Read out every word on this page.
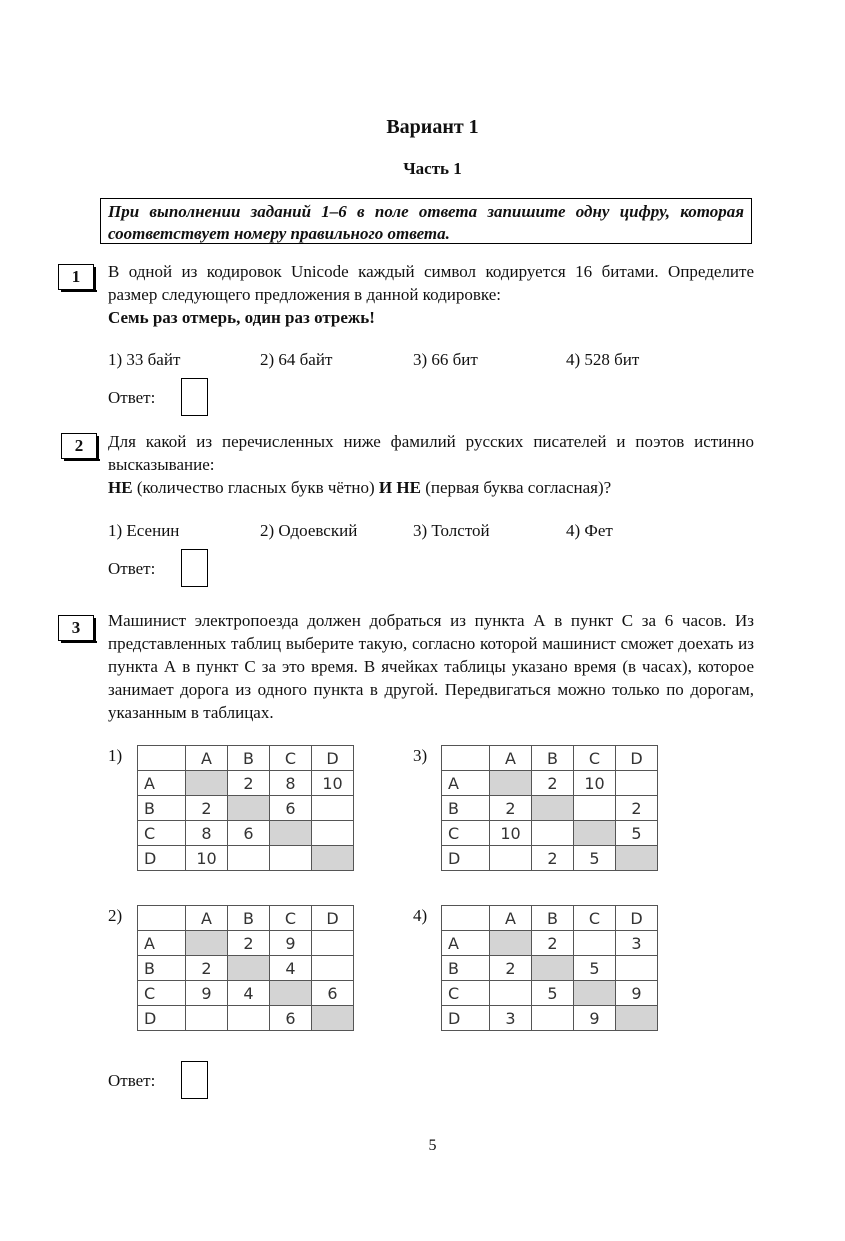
Вариант 1
Часть 1
При выполнении заданий 1–6 в поле ответа запишите одну цифру, которая соответствует номеру правильного ответа.
1	В одной из кодировок Unicode каждый символ кодируется 16 битами. Определите размер следующего предложения в данной кодировке:

Семь раз отмерь, один раз отрежь!

1) 33 байт	2) 64 байт	3) 66 бит	4) 528 бит
Ответ:
2	Для какой из перечисленных ниже фамилий русских писателей и поэтов истинно высказывание:

НЕ (количество гласных букв чётно) И НЕ (первая буква согласная)?

1) Есенин	2) Одоевский	3) Толстой	4) Фет
Ответ:
3	Машинист электропоезда должен добраться из пункта А в пункт С за 6 часов. Из представленных таблиц выберите такую, согласно которой машинист сможет доехать из пункта А в пункт С за это время. В ячейках таблицы указано время (в часах), которое занимает дорога из одного пункта в другой. Передвигаться можно только по дорогам, указанным в таблицах.
1)
		A	B	C	D
A		2	8	10
B	2		6	
C	8	6		
D	10			
3)
		A	B	C	D
A		2	10	
B	2			2
C	10			5
D		2	5	
2)
		A	B	C	D
A		2	9	
B	2		4	
C	9	4		6
D			6	
4)
		A	B	C	D
A		2		3
B	2		5	
C		5		9
D	3		9	
Ответ:
5
